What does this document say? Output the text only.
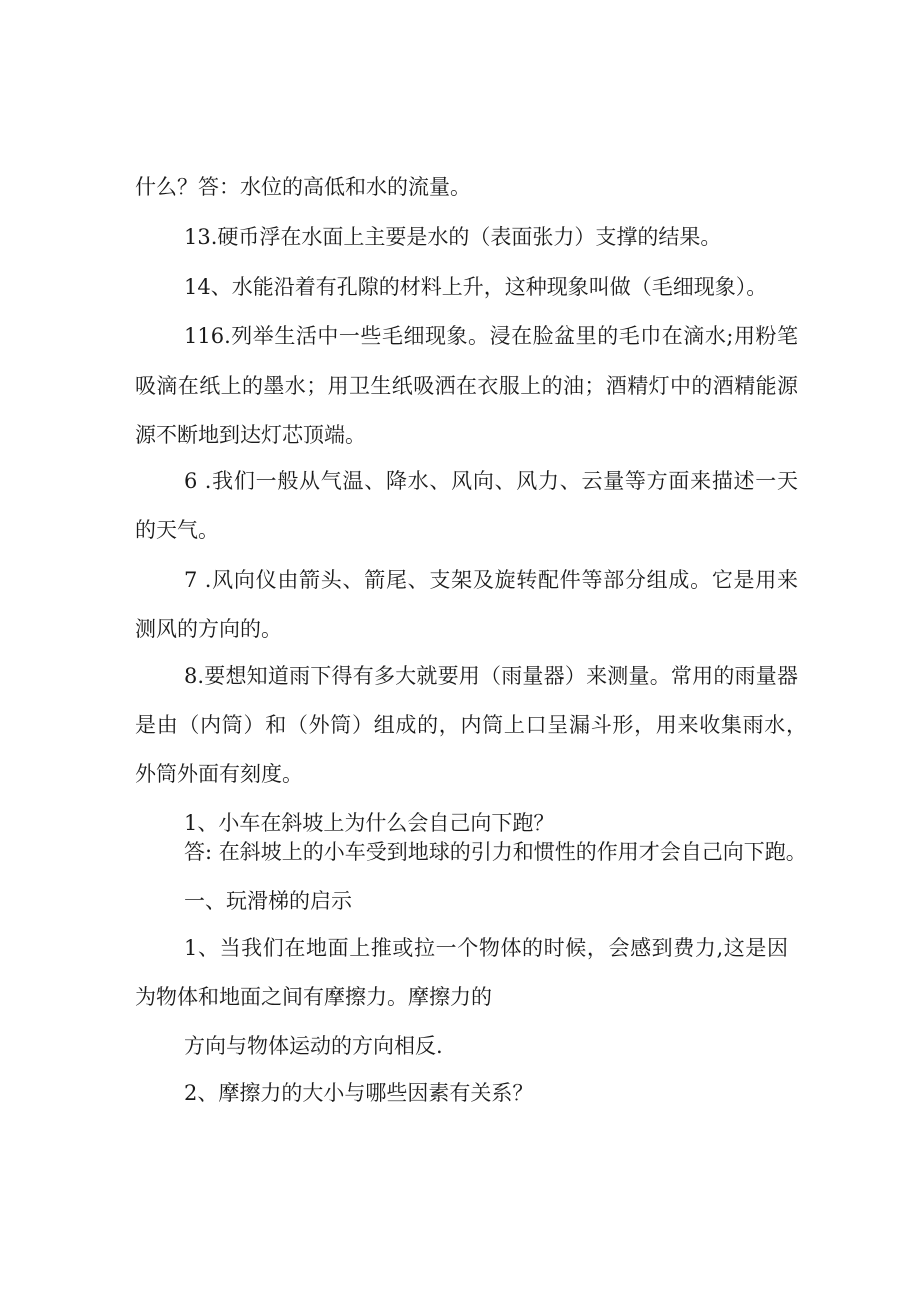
什么？答：水位的高低和水的流量。
13.硬币浮在水面上主要是水的（表面张力）支撑的结果。
14、水能沿着有孔隙的材料上升，这种现象叫做（毛细现象）。
116.列举生活中一些毛细现象。浸在脸盆里的毛巾在滴水;用粉笔
吸滴在纸上的墨水；用卫生纸吸洒在衣服上的油；酒精灯中的酒精能源
源不断地到达灯芯顶端。
6 .我们一般从气温、降水、风向、风力、云量等方面来描述一天
的天气。
7 .风向仪由箭头、箭尾、支架及旋转配件等部分组成。它是用来
测风的方向的。
8.要想知道雨下得有多大就要用（雨量器）来测量。常用的雨量器
是由（内筒）和（外筒）组成的，内筒上口呈漏斗形，用来收集雨水，
外筒外面有刻度。
1、小车在斜坡上为什么会自己向下跑？
答: 在斜坡上的小车受到地球的引力和惯性的作用才会自己向下跑。
一、玩滑梯的启示
1、当我们在地面上推或拉一个物体的时候，会感到费力,这是因
为物体和地面之间有摩擦力。摩擦力的
方向与物体运动的方向相反.
2、摩擦力的大小与哪些因素有关系？
